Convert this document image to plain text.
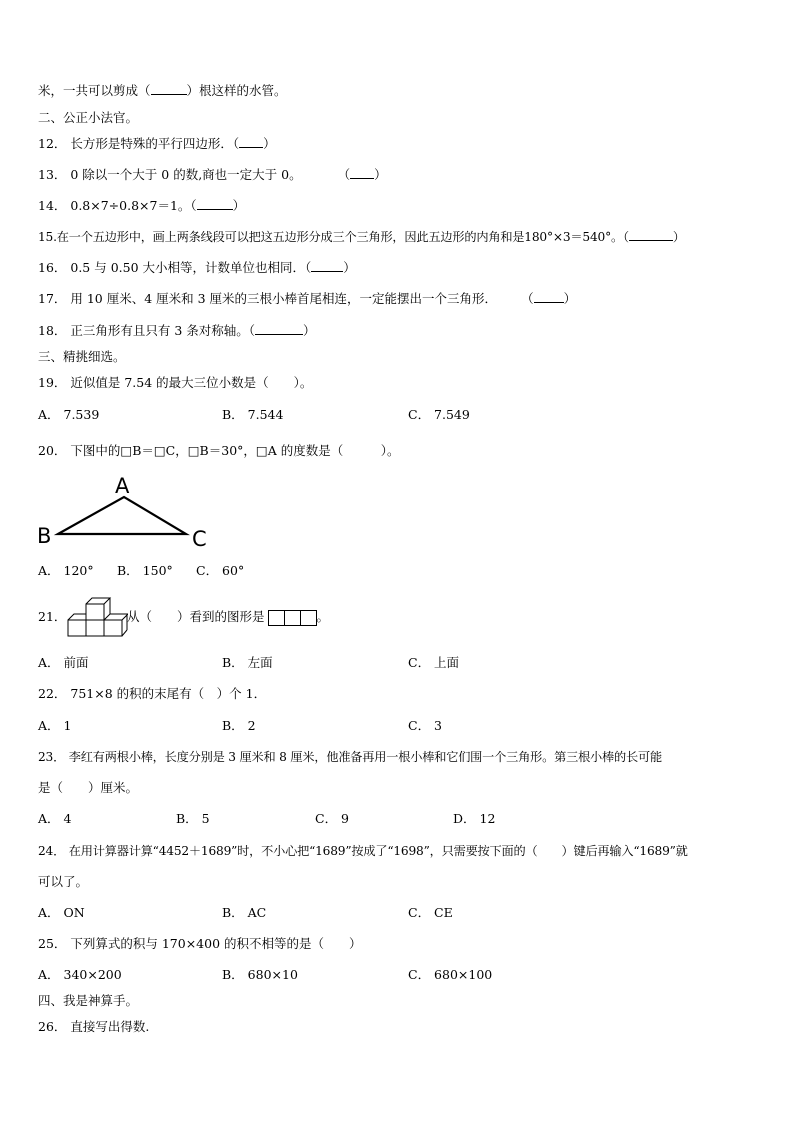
米，一共可以剪成（	）根这样的水管。
二、公正小法官。
12． 长方形是特殊的平行四边形．（ ）
13． 0 除以一个大于 0 的数,商也一定大于 0。	（ ）
14． 0.8×7÷0.8×7＝1。（	）
15.在一个五边形中，画上两条线段可以把这五边形分成三个三角形，因此五边形的内角和是180°×3＝540°。（	）
16． 0.5 与 0.50 大小相等，计数单位也相同．（	）
17． 用 10 厘米、4 厘米和 3 厘米的三根小棒首尾相连，一定能摆出一个三角形． （ ）
18． 正三角形有且只有 3 条对称轴。（	）
三、精挑细选。
19． 近似值是 7.54 的最大三位小数是（　　）。
A． 7.539	B． 7.544	C． 7.549
20． 下图中的□B＝□C，□B＝30°，□A 的度数是（　　　）。
A
B	C
A． 120° B． 150° C． 60°
21．	从（　　）看到的图形是	。
A． 前面	B． 左面	C． 上面
22． 751×8 的积的末尾有（　）个 1．
A． 1	B． 2	C． 3
23． 李红有两根小棒，长度分别是 3 厘米和 8 厘米，他准备再用一根小棒和它们围一个三角形。第三根小棒的长可能
是（　　）厘米。
A． 4	B． 5	C． 9	D． 12
24． 在用计算器计算“4452＋1689”时，不小心把“1689”按成了“1698”，只需要按下面的（　　）键后再输入“1689”就
可以了。
A． ON	B． AC	C． CE
25． 下列算式的积与 170×400 的积不相等的是（　　）
A． 340×200	B． 680×10	C． 680×100
四、我是神算手。
26． 直接写出得数.
